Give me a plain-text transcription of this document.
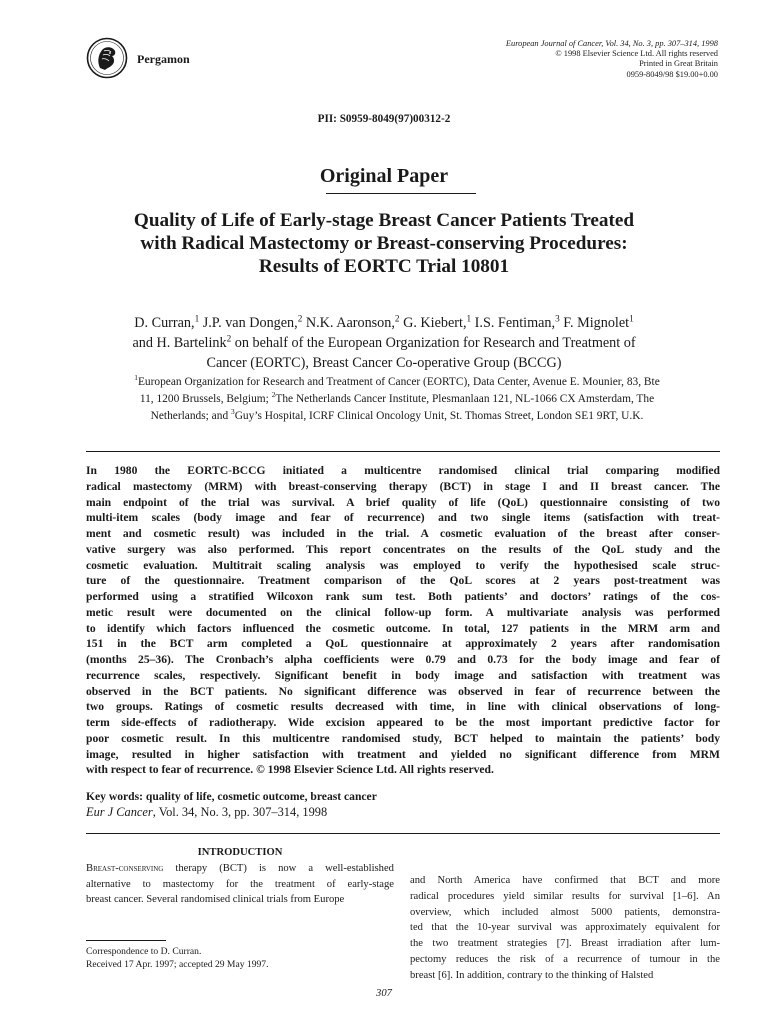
Pergamon
European Journal of Cancer, Vol. 34, No. 3, pp. 307–314, 1998
© 1998 Elsevier Science Ltd. All rights reserved
Printed in Great Britain
0959-8049/98 $19.00+0.00
PII: S0959-8049(97)00312-2
Original Paper
Quality of Life of Early-stage Breast Cancer Patients Treated
with Radical Mastectomy or Breast-conserving Procedures:
Results of EORTC Trial 10801
D. Curran,$^1$ J.P. van Dongen,$^2$ N.K. Aaronson,$^2$ G. Kiebert,$^1$ I.S. Fentiman,$^3$ F. Mignolet$^1$
and H. Bartelink$^2$ on behalf of the European Organization for Research and Treatment of
Cancer (EORTC), Breast Cancer Co-operative Group (BCCG)
$^1$European Organization for Research and Treatment of Cancer (EORTC), Data Center, Avenue E. Mounier, 83, Bte
11, 1200 Brussels, Belgium; $^2$The Netherlands Cancer Institute, Plesmanlaan 121, NL-1066 CX Amsterdam, The
Netherlands; and $^3$Guy’s Hospital, ICRF Clinical Oncology Unit, St. Thomas Street, London SE1 9RT, U.K.
In 1980 the EORTC-BCCG initiated a multicentre randomised clinical trial comparing modified
radical mastectomy (MRM) with breast-conserving therapy (BCT) in stage I and II breast cancer. The
main endpoint of the trial was survival. A brief quality of life (QoL) questionnaire consisting of two
multi-item scales (body image and fear of recurrence) and two single items (satisfaction with treat-
ment and cosmetic result) was included in the trial. A cosmetic evaluation of the breast after conser-
vative surgery was also performed. This report concentrates on the results of the QoL study and the
cosmetic evaluation. Multitrait scaling analysis was employed to verify the hypothesised scale struc-
ture of the questionnaire. Treatment comparison of the QoL scores at 2 years post-treatment was
performed using a stratified Wilcoxon rank sum test. Both patients’ and doctors’ ratings of the cos-
metic result were documented on the clinical follow-up form. A multivariate analysis was performed
to identify which factors influenced the cosmetic outcome. In total, 127 patients in the MRM arm and
151 in the BCT arm completed a QoL questionnaire at approximately 2 years after randomisation
(months 25–36). The Cronbach’s alpha coefficients were 0.79 and 0.73 for the body image and fear of
recurrence scales, respectively. Significant benefit in body image and satisfaction with treatment was
observed in the BCT patients. No significant difference was observed in fear of recurrence between the
two groups. Ratings of cosmetic results decreased with time, in line with clinical observations of long-
term side-effects of radiotherapy. Wide excision appeared to be the most important predictive factor for
poor cosmetic result. In this multicentre randomised study, BCT helped to maintain the patients’ body
image, resulted in higher satisfaction with treatment and yielded no significant difference from MRM
with respect to fear of recurrence. © 1998 Elsevier Science Ltd. All rights reserved.
Key words: quality of life, cosmetic outcome, breast cancer
Eur J Cancer, Vol. 34, No. 3, pp. 307–314, 1998
INTRODUCTION
Breast-conserving therapy (BCT) is now a well-established
alternative to mastectomy for the treatment of early-stage
breast cancer. Several randomised clinical trials from Europe
and North America have confirmed that BCT and more
radical procedures yield similar results for survival [1–6]. An
overview, which included almost 5000 patients, demonstra-
ted that the 10-year survival was approximately equivalent for
the two treatment strategies [7]. Breast irradiation after lum-
pectomy reduces the risk of a recurrence of tumour in the
breast [6]. In addition, contrary to the thinking of Halsted
Correspondence to D. Curran.
Received 17 Apr. 1997; accepted 29 May 1997.
307
